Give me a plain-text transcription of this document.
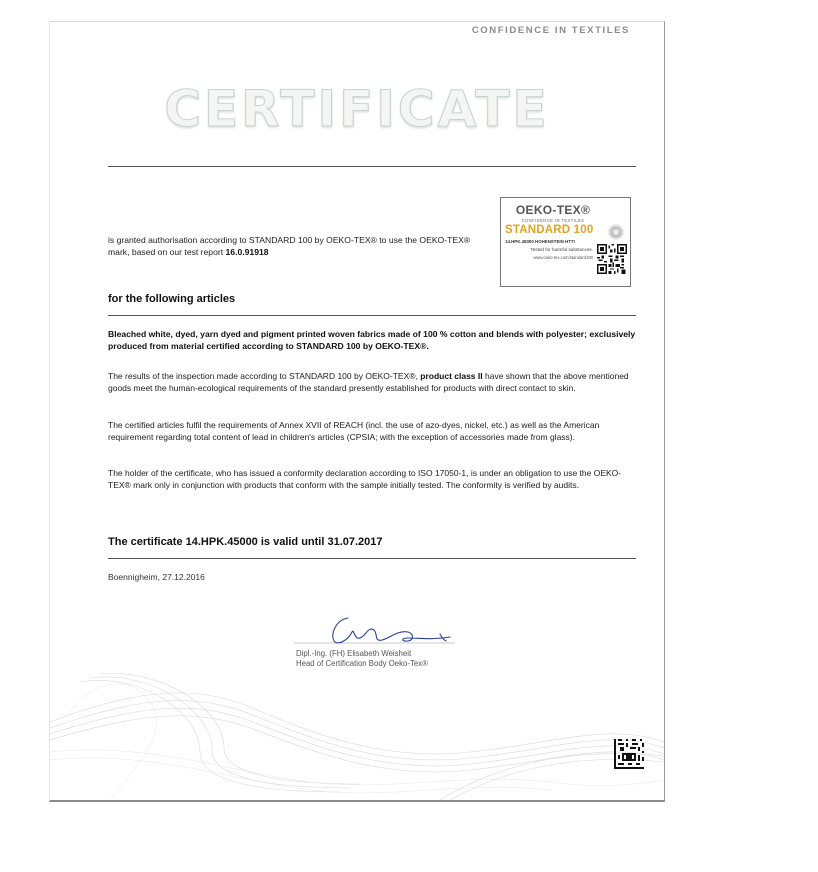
CONFIDENCE IN TEXTILES
CERTIFICATE
is granted authorisation according to STANDARD 100 by OEKO-TEX® to use the OEKO-TEX®
mark, based on our test report 16.0.91918
OEKO-TEX®
CONFIDENCE IN TEXTILES
STANDARD 100
14.HPK.45000 HOHENSTEIN HTTI
Tested for harmful substances.
www.oeko-tex.com/standard100
for the following articles
Bleached white, dyed, yarn dyed and pigment printed woven fabrics made of 100 % cotton and blends with polyester; exclusively produced from material certified according to STANDARD 100 by OEKO-TEX®.
The results of the inspection made according to STANDARD 100 by OEKO-TEX®, product class II have shown that the above mentioned goods meet the human-ecological requirements of the standard presently established for products with direct contact to skin.
The certified articles fulfil the requirements of Annex XVII of REACH (incl. the use of azo-dyes, nickel, etc.) as well as the American requirement regarding total content of lead in children's articles (CPSIA; with the exception of accessories made from glass).
The holder of the certificate, who has issued a conformity declaration according to ISO 17050-1, is under an obligation to use the OEKO-TEX® mark only in conjunction with products that conform with the sample initially tested. The conformity is verified by audits.
The certificate 14.HPK.45000 is valid until 31.07.2017
Boennigheim, 27.12.2016
Dipl.-Ing. (FH) Elisabeth Weisheit
Head of Certification Body Oeko-Tex®
